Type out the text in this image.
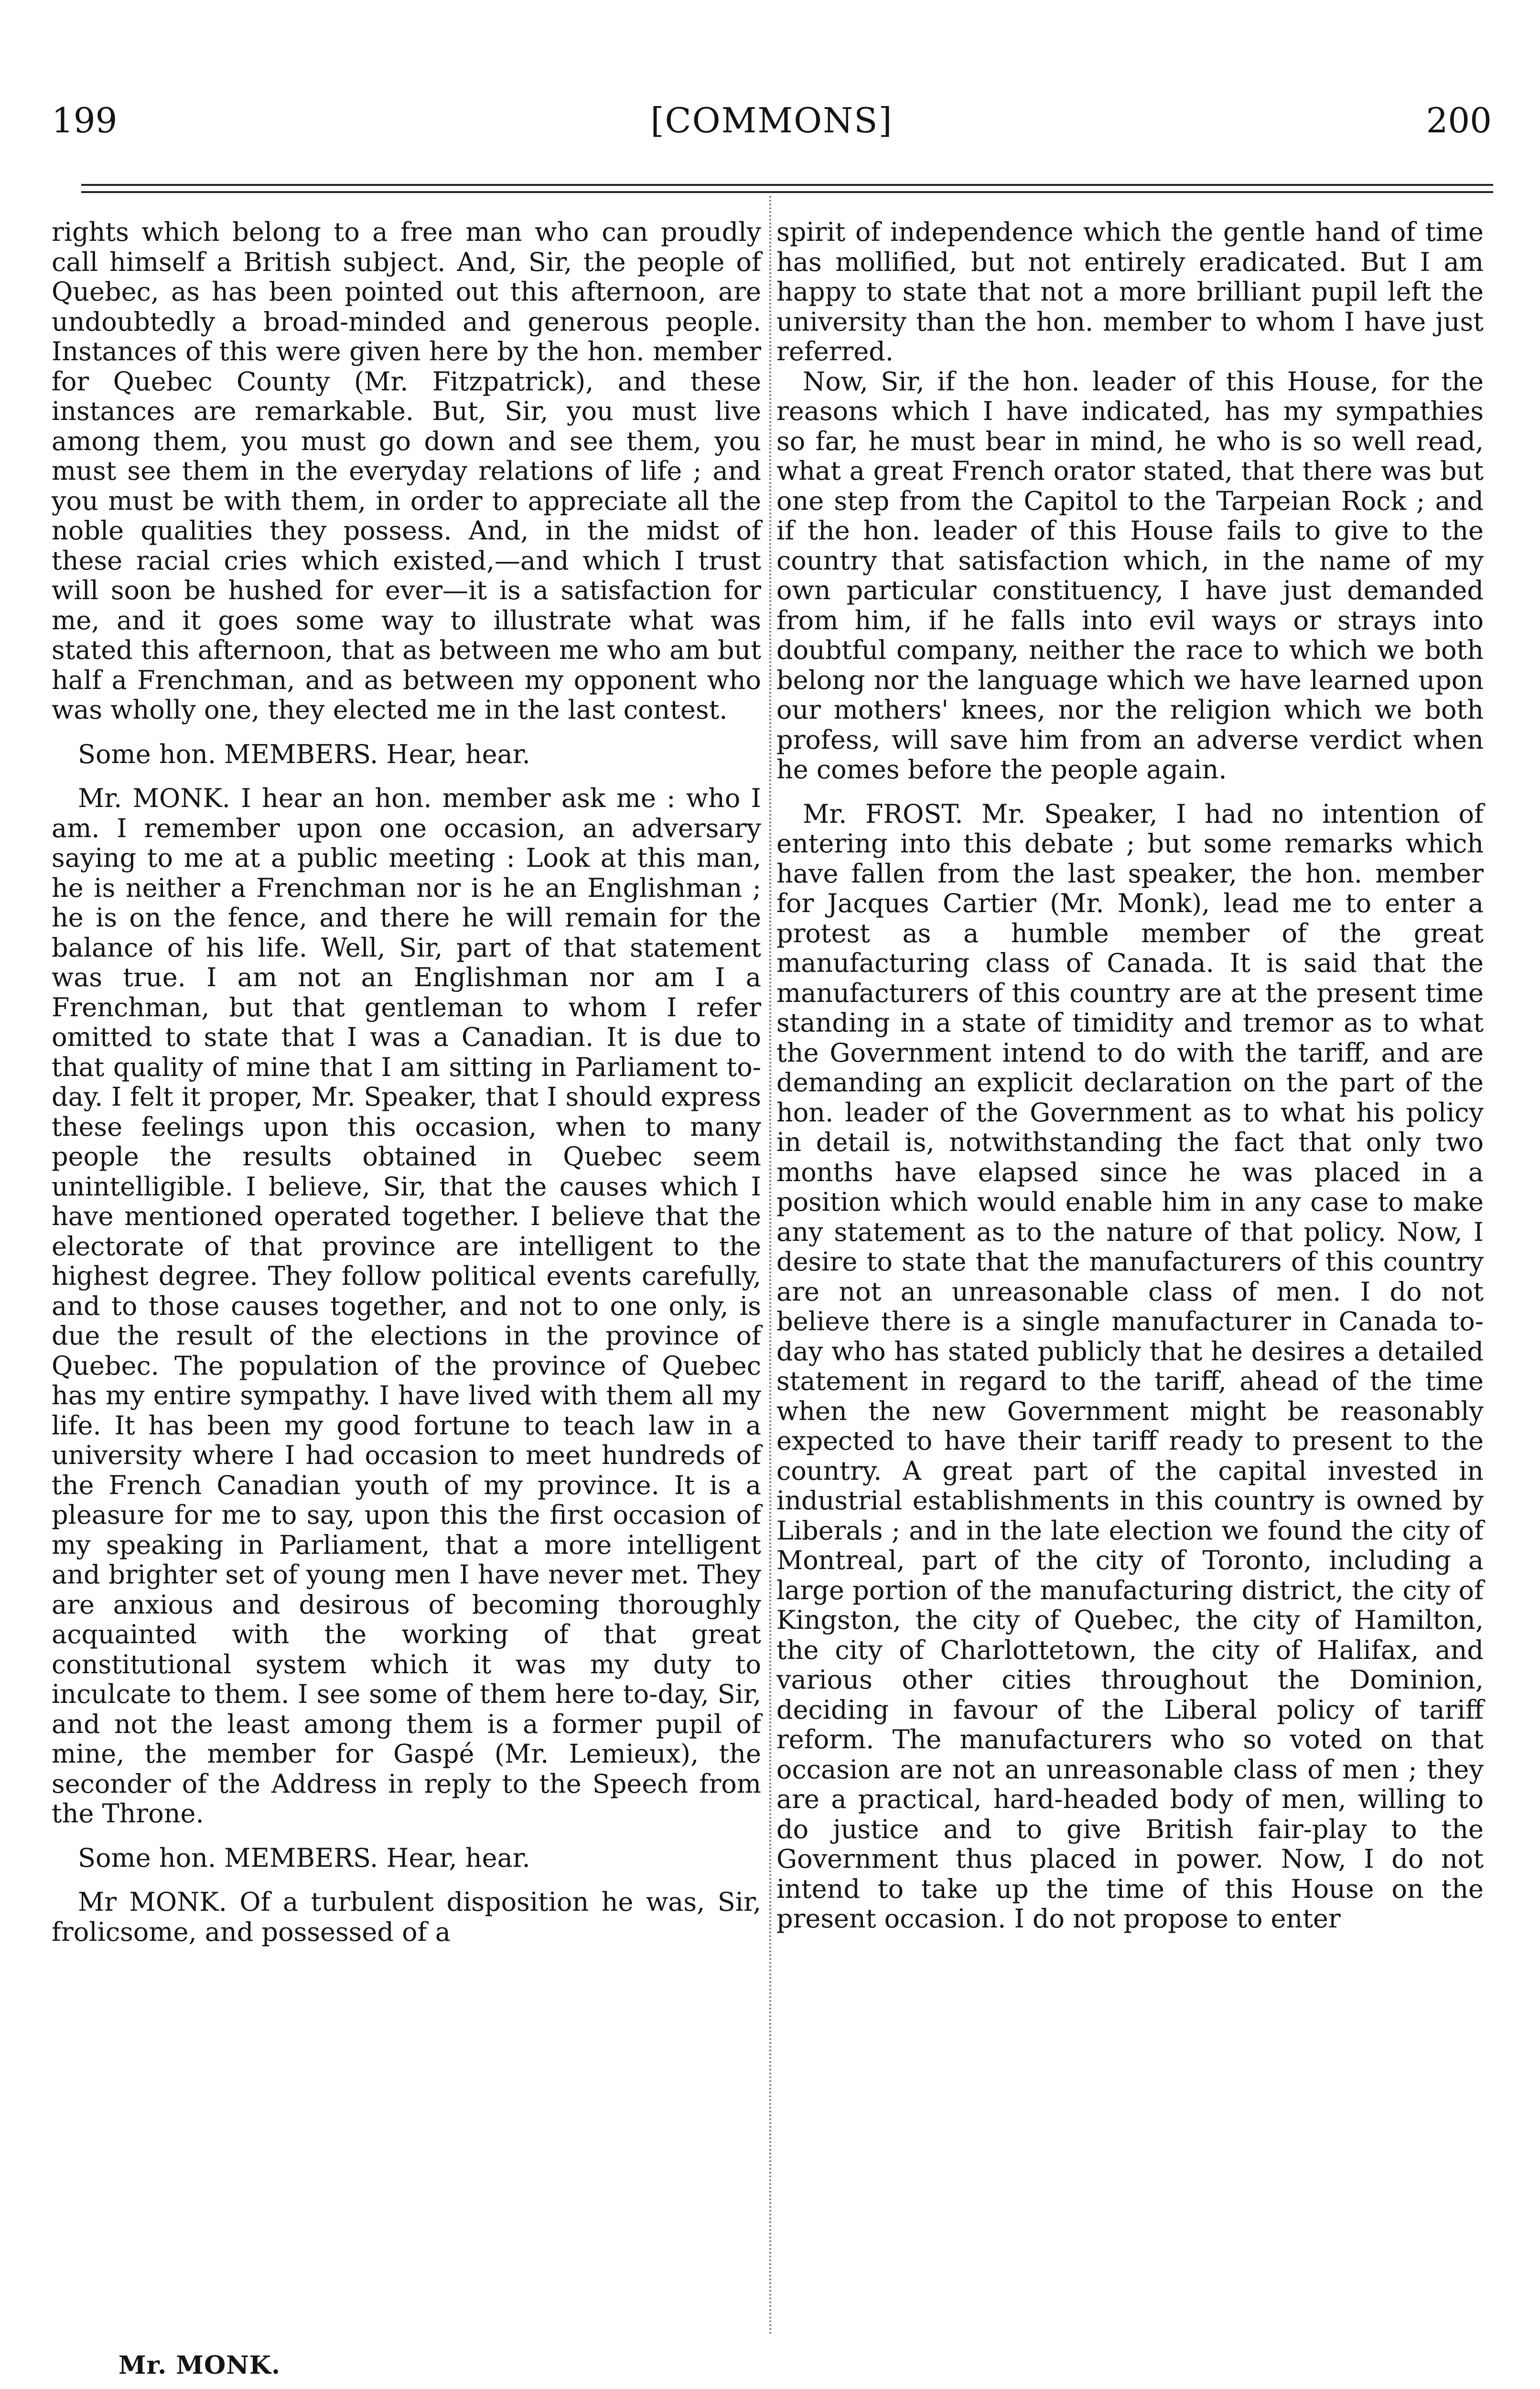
199	[COMMONS]	200

rights which belong to a free man who can proudly call himself a British subject. And, Sir, the people of Quebec, as has been pointed out this afternoon, are undoubtedly a broad-minded and generous people. Instances of this were given here by the hon. member for Quebec County (Mr. Fitzpatrick), and these instances are remarkable. But, Sir, you must live among them, you must go down and see them, you must see them in the everyday relations of life ; and you must be with them, in order to appreciate all the noble qualities they possess. And, in the midst of these racial cries which existed,—and which I trust will soon be hushed for ever—it is a satisfaction for me, and it goes some way to illustrate what was stated this afternoon, that as between me who am but half a Frenchman, and as between my opponent who was wholly one, they elected me in the last contest.

Some hon. MEMBERS. Hear, hear.

Mr. MONK. I hear an hon. member ask me : who I am. I remember upon one occasion, an adversary saying to me at a public meeting : Look at this man, he is neither a Frenchman nor is he an Englishman ; he is on the fence, and there he will remain for the balance of his life. Well, Sir, part of that statement was true. I am not an Englishman nor am I a Frenchman, but that gentleman to whom I refer omitted to state that I was a Canadian. It is due to that quality of mine that I am sitting in Parliament to-day. I felt it proper, Mr. Speaker, that I should express these feelings upon this occasion, when to many people the results obtained in Quebec seem unintelligible. I believe, Sir, that the causes which I have mentioned operated together. I believe that the electorate of that province are intelligent to the highest degree. They follow political events carefully, and to those causes together, and not to one only, is due the result of the elections in the province of Quebec. The population of the province of Quebec has my entire sympathy. I have lived with them all my life. It has been my good fortune to teach law in a university where I had occasion to meet hundreds of the French Canadian youth of my province. It is a pleasure for me to say, upon this the first occasion of my speaking in Parliament, that a more intelligent and brighter set of young men I have never met. They are anxious and desirous of becoming thoroughly acquainted with the working of that great constitutional system which it was my duty to inculcate to them. I see some of them here to-day, Sir, and not the least among them is a former pupil of mine, the member for Gaspé (Mr. Lemieux), the seconder of the Address in reply to the Speech from the Throne.

Some hon. MEMBERS. Hear, hear.

Mr MONK. Of a turbulent disposition he was, Sir, frolicsome, and possessed of a

spirit of independence which the gentle hand of time has mollified, but not entirely eradicated. But I am happy to state that not a more brilliant pupil left the university than the hon. member to whom I have just referred.

Now, Sir, if the hon. leader of this House, for the reasons which I have indicated, has my sympathies so far, he must bear in mind, he who is so well read, what a great French orator stated, that there was but one step from the Capitol to the Tarpeian Rock ; and if the hon. leader of this House fails to give to the country that satisfaction which, in the name of my own particular constituency, I have just demanded from him, if he falls into evil ways or strays into doubtful company, neither the race to which we both belong nor the language which we have learned upon our mothers' knees, nor the religion which we both profess, will save him from an adverse verdict when he comes before the people again.

Mr. FROST. Mr. Speaker, I had no intention of entering into this debate ; but some remarks which have fallen from the last speaker, the hon. member for Jacques Cartier (Mr. Monk), lead me to enter a protest as a humble member of the great manufacturing class of Canada. It is said that the manufacturers of this country are at the present time standing in a state of timidity and tremor as to what the Government intend to do with the tariff, and are demanding an explicit declaration on the part of the hon. leader of the Government as to what his policy in detail is, notwithstanding the fact that only two months have elapsed since he was placed in a position which would enable him in any case to make any statement as to the nature of that policy. Now, I desire to state that the manufacturers of this country are not an unreasonable class of men. I do not believe there is a single manufacturer in Canada to-day who has stated publicly that he desires a detailed statement in regard to the tariff, ahead of the time when the new Government might be reasonably expected to have their tariff ready to present to the country. A great part of the capital invested in industrial establishments in this country is owned by Liberals ; and in the late election we found the city of Montreal, part of the city of Toronto, including a large portion of the manufacturing district, the city of Kingston, the city of Quebec, the city of Hamilton, the city of Charlottetown, the city of Halifax, and various other cities throughout the Dominion, deciding in favour of the Liberal policy of tariff reform. The manufacturers who so voted on that occasion are not an unreasonable class of men ; they are a practical, hard-headed body of men, willing to do justice and to give British fair-play to the Government thus placed in power. Now, I do not intend to take up the time of this House on the present occasion. I do not propose to enter

Mr. MONK.
